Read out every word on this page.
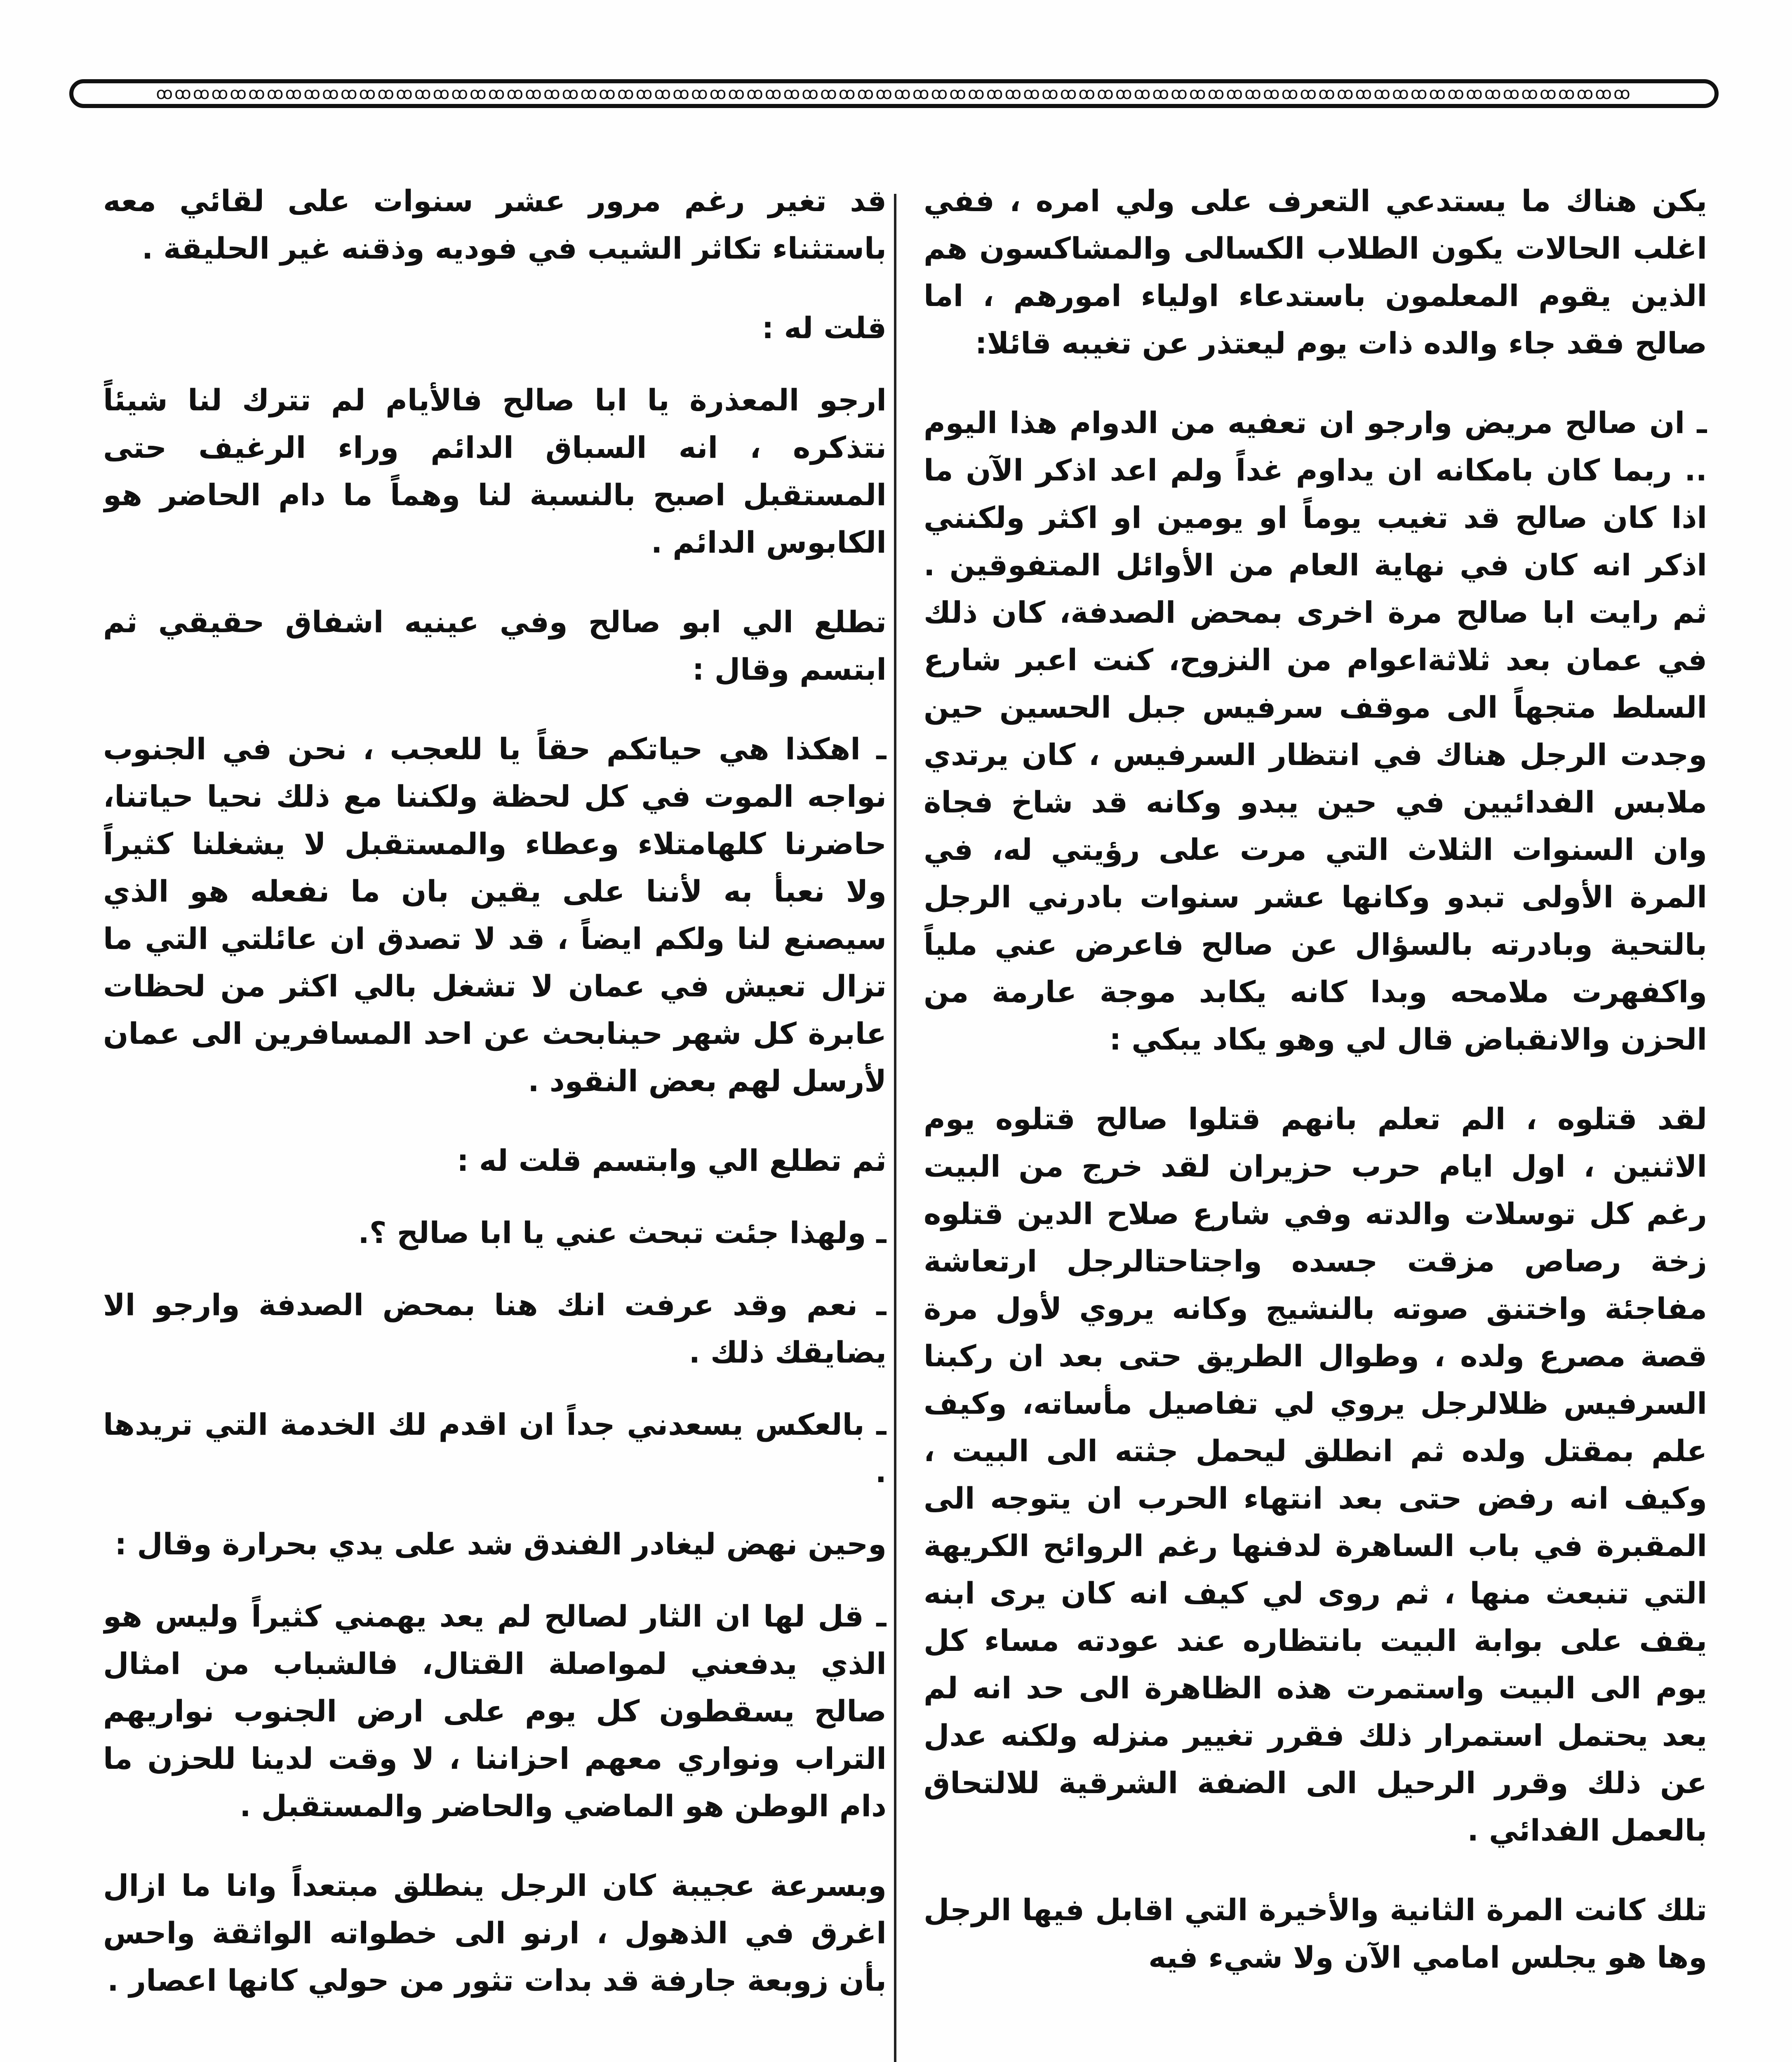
ꚙꚙꚙꚙꚙꚙꚙꚙꚙꚙꚙꚙꚙꚙꚙꚙꚙꚙꚙꚙꚙꚙꚙꚙꚙꚙꚙꚙꚙꚙꚙꚙꚙꚙꚙꚙꚙꚙꚙꚙꚙꚙꚙꚙꚙꚙꚙꚙꚙꚙꚙꚙꚙꚙꚙꚙꚙꚙꚙꚙꚙꚙꚙꚙꚙꚙꚙꚙꚙꚙꚙꚙꚙꚙꚙꚙꚙꚙꚙꚙ

يكن هناك ما يستدعي التعرف على ولي امره ، ففي اغلب الحالات يكون الطلاب الكسالى والمشاكسون هم الذين يقوم المعلمون باستدعاء اولياء امورهم ، اما صالح فقد جاء والده ذات يوم ليعتذر عن تغيبه قائلا:

ـ ان صالح مريض وارجو ان تعفيه من الدوام هذا اليوم .. ربما كان بامكانه ان يداوم غداً ولم اعد اذكر الآن ما اذا كان صالح قد تغيب يوماً او يومين او اكثر ولكنني اذكر انه كان في نهاية العام من الأوائل المتفوقين . ثم رايت ابا صالح مرة اخرى بمحض الصدفة، كان ذلك في عمان بعد ثلاثةاعوام من النزوح، كنت اعبر شارع السلط متجهاً الى موقف سرفيس جبل الحسين حين وجدت الرجل هناك في انتظار السرفيس ، كان يرتدي ملابس الفدائيين في حين يبدو وكانه قد شاخ فجاة وان السنوات الثلاث التي مرت على رؤيتي له، في المرة الأولى تبدو وكانها عشر سنوات بادرني الرجل بالتحية وبادرته بالسؤال عن صالح فاعرض عني ملياً واكفهرت ملامحه وبدا كانه يكابد موجة عارمة من الحزن والانقباض قال لي وهو يكاد يبكي :

لقد قتلوه ، الم تعلم بانهم قتلوا صالح قتلوه يوم الاثنين ، اول ايام حرب حزيران لقد خرج من البيت رغم كل توسلات والدته وفي شارع صلاح الدين قتلوه زخة رصاص مزقت جسده واجتاحتالرجل ارتعاشة مفاجئة واختنق صوته بالنشيج وكانه يروي لأول مرة قصة مصرع ولده ، وطوال الطريق حتى بعد ان ركبنا السرفيس ظلالرجل يروي لي تفاصيل مأساته، وكيف علم بمقتل ولده ثم انطلق ليحمل جثته الى البيت ، وكيف انه رفض حتى بعد انتهاء الحرب ان يتوجه الى المقبرة في باب الساهرة لدفنها رغم الروائح الكريهة التي تنبعث منها ، ثم روى لي كيف انه كان يرى ابنه يقف على بوابة البيت بانتظاره عند عودته مساء كل يوم الى البيت واستمرت هذه الظاهرة الى حد انه لم يعد يحتمل استمرار ذلك فقرر تغيير منزله ولكنه عدل عن ذلك وقرر الرحيل الى الضفة الشرقية للالتحاق بالعمل الفدائي .

تلك كانت المرة الثانية والأخيرة التي اقابل فيها الرجل وها هو يجلس امامي الآن ولا شيء فيه

قد تغير رغم مرور عشر سنوات على لقائي معه باستثناء تكاثر الشيب في فوديه وذقنه غير الحليقة .

قلت له :

ارجو المعذرة يا ابا صالح فالأيام لم تترك لنا شيئاً نتذكره ، انه السباق الدائم وراء الرغيف حتى المستقبل اصبح بالنسبة لنا وهماً ما دام الحاضر هو الكابوس الدائم .

تطلع الي ابو صالح وفي عينيه اشفاق حقيقي ثم ابتسم وقال :

ـ اهكذا هي حياتكم حقاً يا للعجب ، نحن في الجنوب نواجه الموت في كل لحظة ولكننا مع ذلك نحيا حياتنا، حاضرنا كلهامتلاء وعطاء والمستقبل لا يشغلنا كثيراً ولا نعبأ به لأننا على يقين بان ما نفعله هو الذي سيصنع لنا ولكم ايضاً ، قد لا تصدق ان عائلتي التي ما تزال تعيش في عمان لا تشغل بالي اكثر من لحظات عابرة كل شهر حينابحث عن احد المسافرين الى عمان لأرسل لهم بعض النقود .

ثم تطلع الي وابتسم قلت له :

ـ ولهذا جئت تبحث عني يا ابا صالح ؟.

ـ نعم وقد عرفت انك هنا بمحض الصدفة وارجو الا يضايقك ذلك .

ـ بالعكس يسعدني جداً ان اقدم لك الخدمة التي تريدها .

وحين نهض ليغادر الفندق شد على يدي بحرارة وقال :

ـ قل لها ان الثار لصالح لم يعد يهمني كثيراً وليس هو الذي يدفعني لمواصلة القتال، فالشباب من امثال صالح يسقطون كل يوم على ارض الجنوب نواريهم التراب ونواري معهم احزاننا ، لا وقت لدينا للحزن ما دام الوطن هو الماضي والحاضر والمستقبل .

وبسرعة عجيبة كان الرجل ينطلق مبتعداً وانا ما ازال اغرق في الذهول ، ارنو الى خطواته الواثقة واحس بأن زوبعة جارفة قد بدات تثور من حولي كانها اعصار .
